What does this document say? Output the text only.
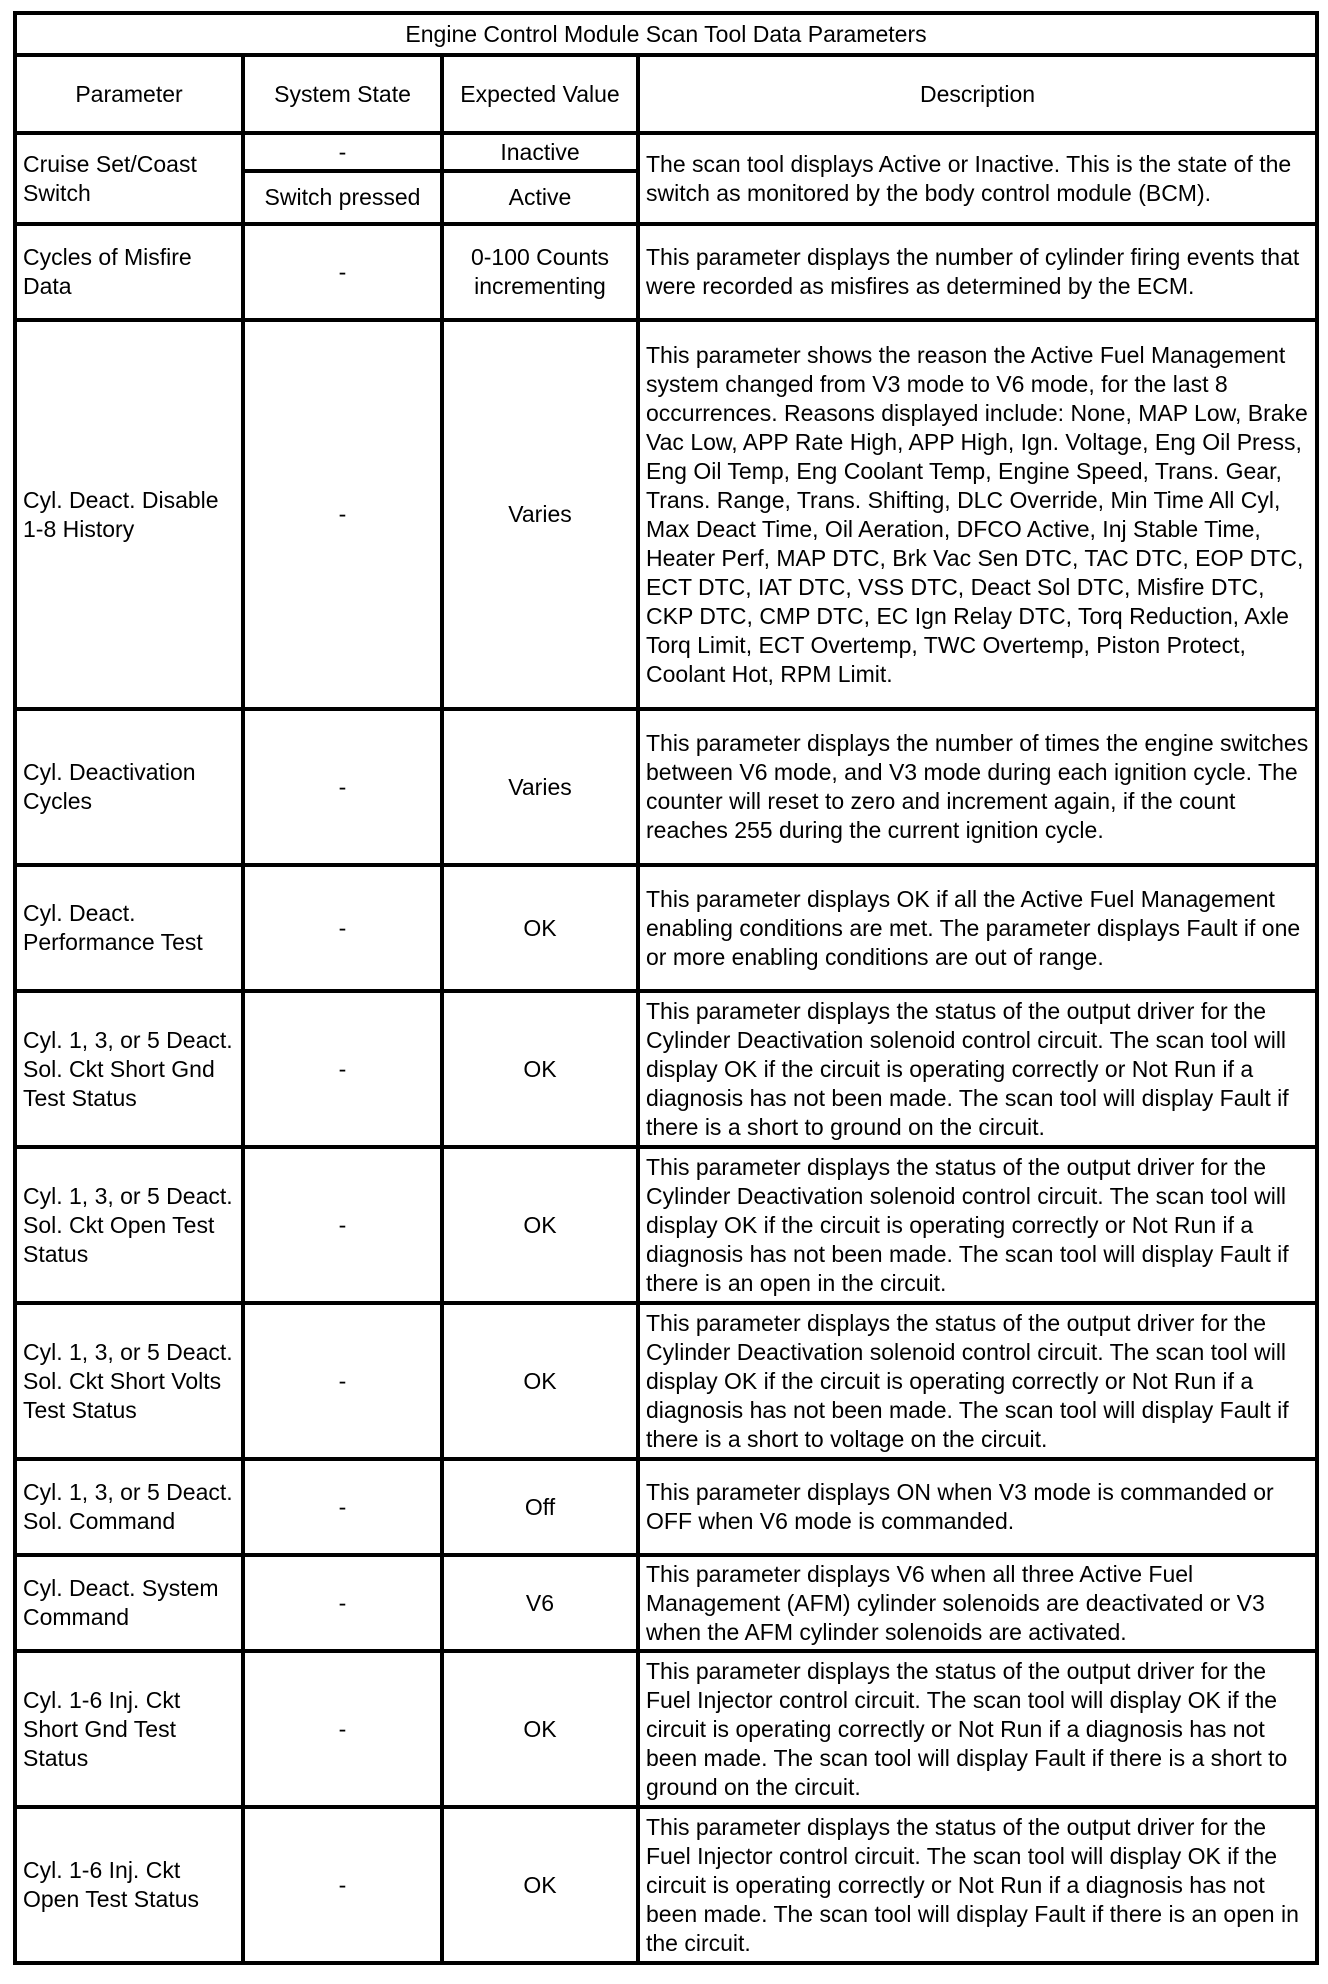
Engine Control Module Scan Tool Data Parameters			
Parameter	System State	Expected Value	Description
Cruise Set/Coast Switch	-	Inactive	The scan tool displays Active or Inactive. This is the state of the switch as monitored by the body control module (BCM).
	Switch pressed	Active	
Cycles of Misfire Data	-	0-100 Counts incrementing	This parameter displays the number of cylinder firing events that were recorded as misfires as determined by the ECM.
Cyl. Deact. Disable 1-8 History	-	Varies	This parameter shows the reason the Active Fuel Management system changed from V3 mode to V6 mode, for the last 8 occurrences. Reasons displayed include: None, MAP Low, Brake Vac Low, APP Rate High, APP High, Ign. Voltage, Eng Oil Press, Eng Oil Temp, Eng Coolant Temp, Engine Speed, Trans. Gear, Trans. Range, Trans. Shifting, DLC Override, Min Time All Cyl, Max Deact Time, Oil Aeration, DFCO Active, Inj Stable Time, Heater Perf, MAP DTC, Brk Vac Sen DTC, TAC DTC, EOP DTC, ECT DTC, IAT DTC, VSS DTC, Deact Sol DTC, Misfire DTC, CKP DTC, CMP DTC, EC Ign Relay DTC, Torq Reduction, Axle Torq Limit, ECT Overtemp, TWC Overtemp, Piston Protect, Coolant Hot, RPM Limit.
Cyl. Deactivation Cycles	-	Varies	This parameter displays the number of times the engine switches between V6 mode, and V3 mode during each ignition cycle. The counter will reset to zero and increment again, if the count reaches 255 during the current ignition cycle.
Cyl. Deact. Performance Test	-	OK	This parameter displays OK if all the Active Fuel Management enabling conditions are met. The parameter displays Fault if one or more enabling conditions are out of range.
Cyl. 1, 3, or 5 Deact. Sol. Ckt Short Gnd Test Status	-	OK	This parameter displays the status of the output driver for the Cylinder Deactivation solenoid control circuit. The scan tool will display OK if the circuit is operating correctly or Not Run if a diagnosis has not been made. The scan tool will display Fault if there is a short to ground on the circuit.
Cyl. 1, 3, or 5 Deact. Sol. Ckt Open Test Status	-	OK	This parameter displays the status of the output driver for the Cylinder Deactivation solenoid control circuit. The scan tool will display OK if the circuit is operating correctly or Not Run if a diagnosis has not been made. The scan tool will display Fault if there is an open in the circuit.
Cyl. 1, 3, or 5 Deact. Sol. Ckt Short Volts Test Status	-	OK	This parameter displays the status of the output driver for the Cylinder Deactivation solenoid control circuit. The scan tool will display OK if the circuit is operating correctly or Not Run if a diagnosis has not been made. The scan tool will display Fault if there is a short to voltage on the circuit.
Cyl. 1, 3, or 5 Deact. Sol. Command	-	Off	This parameter displays ON when V3 mode is commanded or OFF when V6 mode is commanded.
Cyl. Deact. System Command	-	V6	This parameter displays V6 when all three Active Fuel Management (AFM) cylinder solenoids are deactivated or V3 when the AFM cylinder solenoids are activated.
Cyl. 1-6 Inj. Ckt Short Gnd Test Status	-	OK	This parameter displays the status of the output driver for the Fuel Injector control circuit. The scan tool will display OK if the circuit is operating correctly or Not Run if a diagnosis has not been made. The scan tool will display Fault if there is a short to ground on the circuit.
Cyl. 1-6 Inj. Ckt Open Test Status	-	OK	This parameter displays the status of the output driver for the Fuel Injector control circuit. The scan tool will display OK if the circuit is operating correctly or Not Run if a diagnosis has not been made. The scan tool will display Fault if there is an open in the circuit.
